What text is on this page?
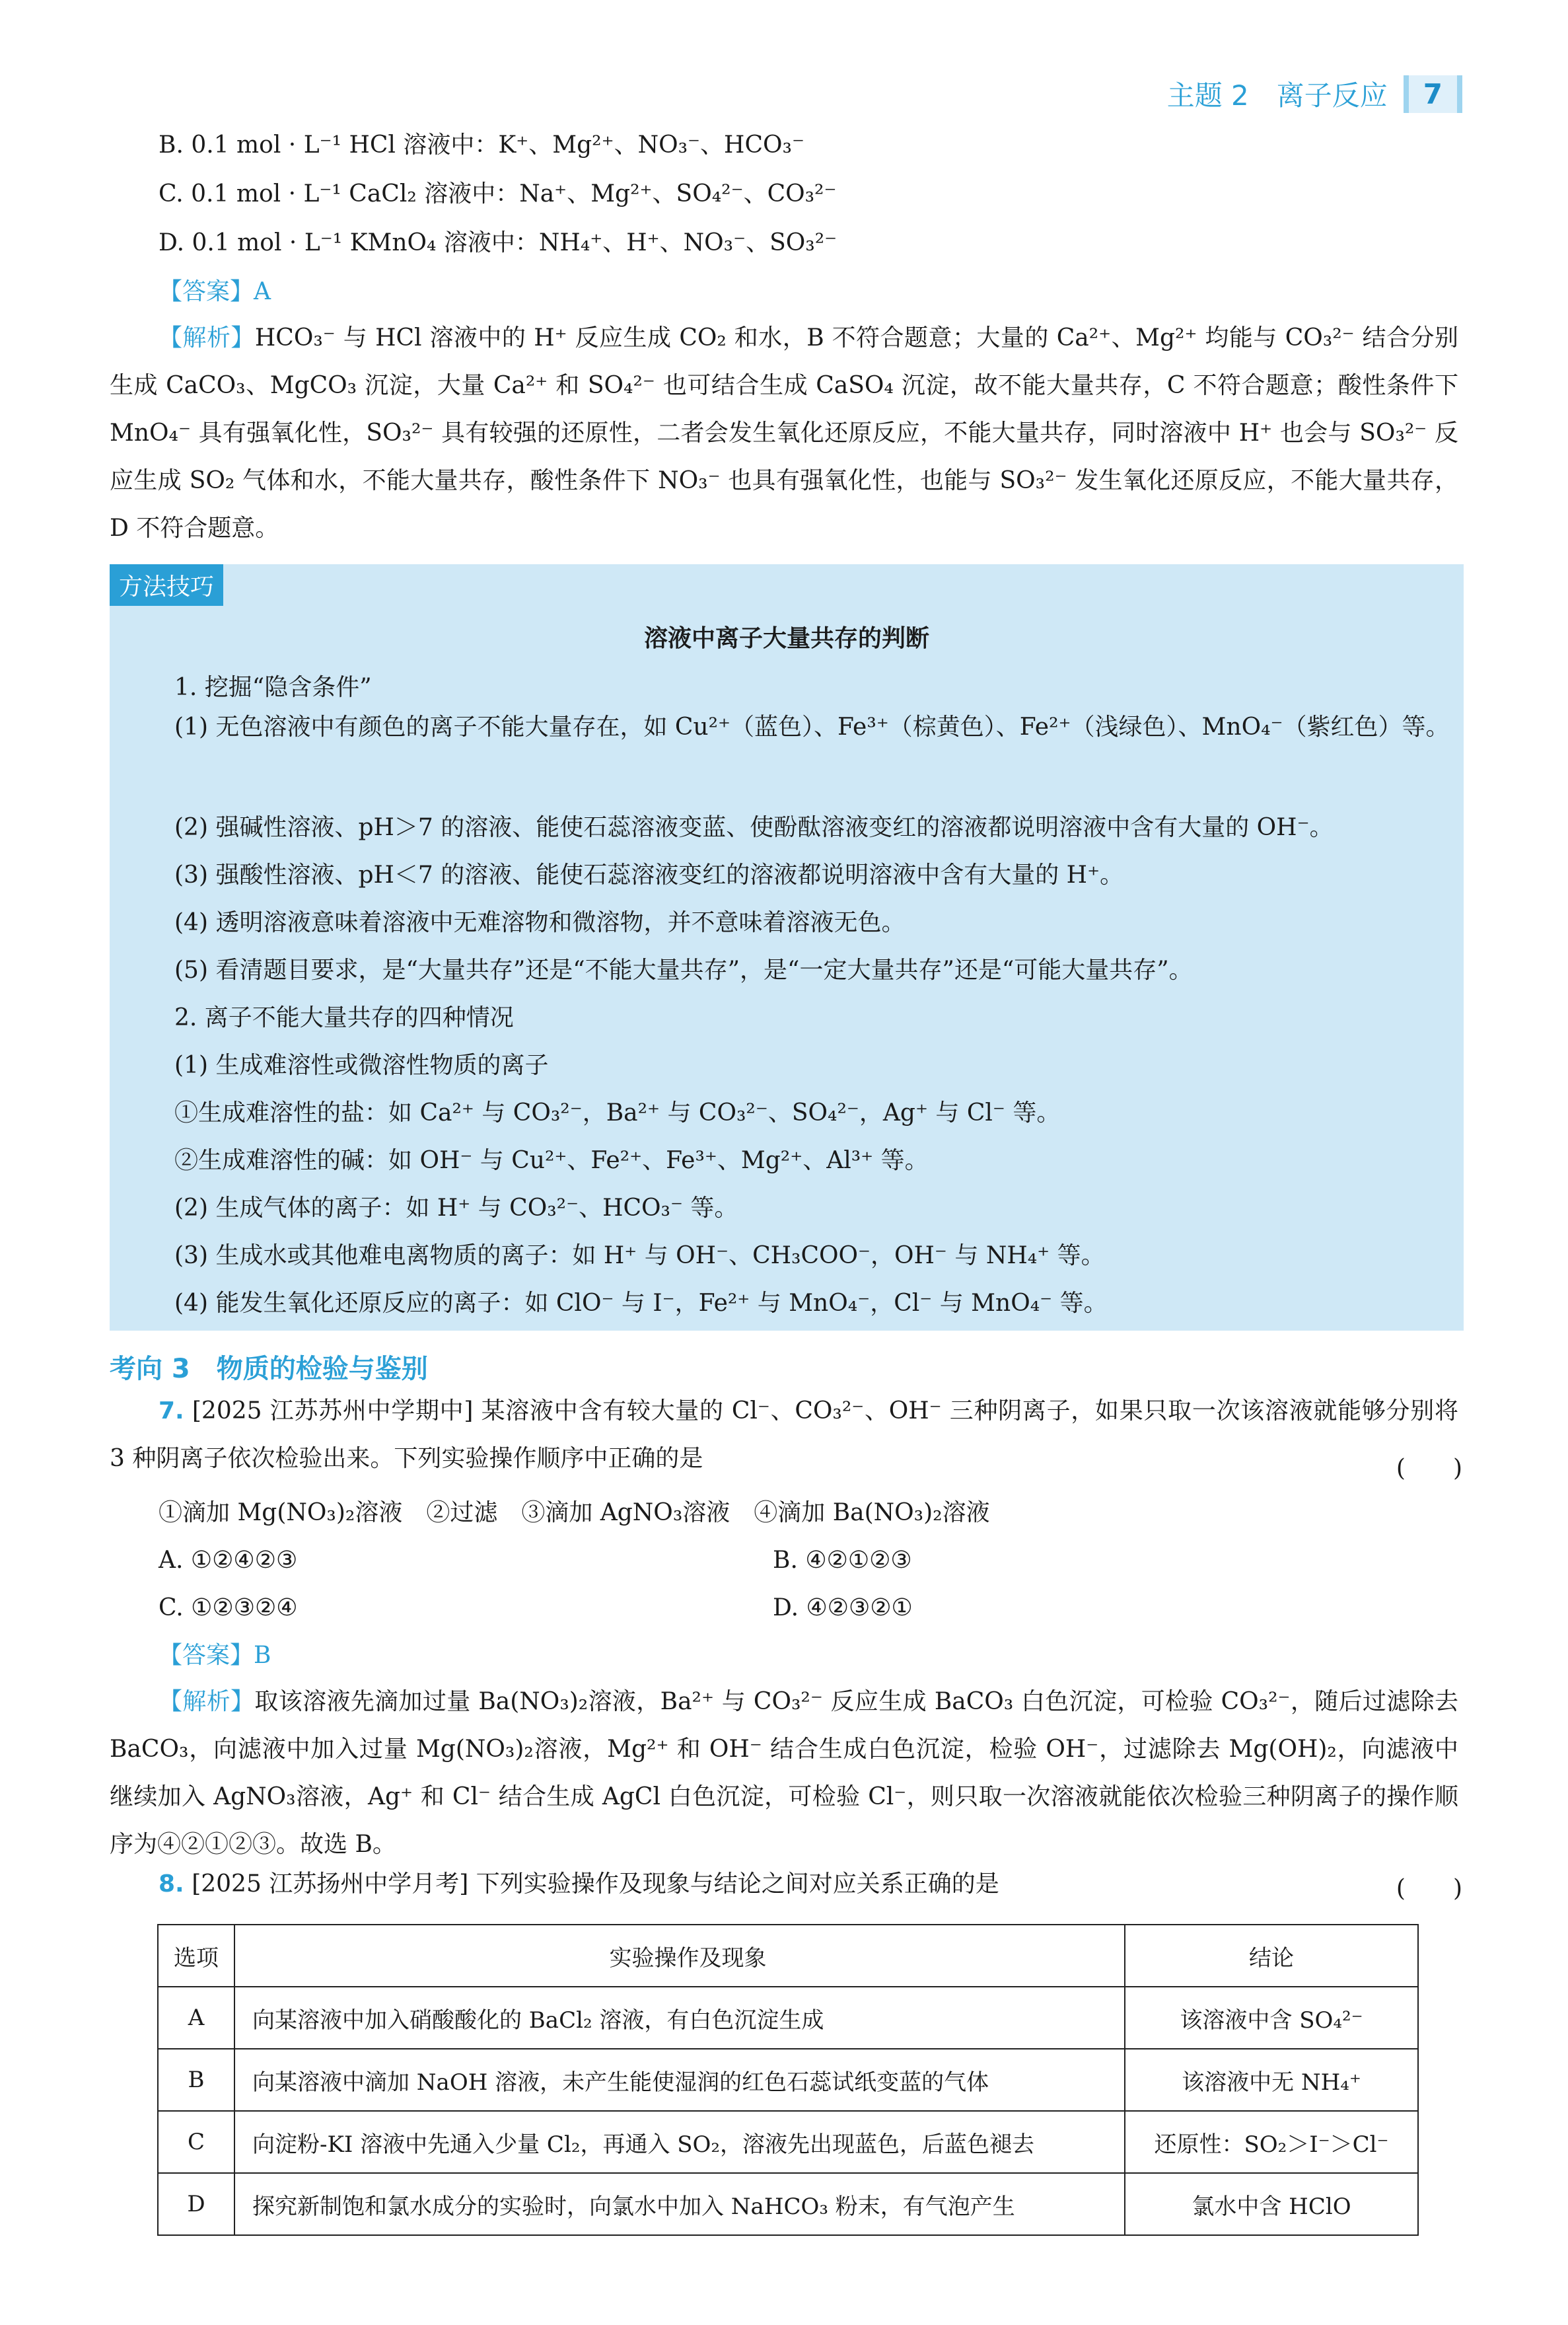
主题 2　离子反应	7
B. 0.1 mol · L⁻¹ HCl 溶液中：K⁺、Mg²⁺、NO₃⁻、HCO₃⁻
C. 0.1 mol · L⁻¹ CaCl₂ 溶液中：Na⁺、Mg²⁺、SO₄²⁻、CO₃²⁻
D. 0.1 mol · L⁻¹ KMnO₄ 溶液中：NH₄⁺、H⁺、NO₃⁻、SO₃²⁻
【答案】A
【解析】HCO₃⁻ 与 HCl 溶液中的 H⁺ 反应生成 CO₂ 和水，B 不符合题意；大量的 Ca²⁺、Mg²⁺ 均能与 CO₃²⁻ 结合分别生成 CaCO₃、MgCO₃ 沉淀，大量 Ca²⁺ 和 SO₄²⁻ 也可结合生成 CaSO₄ 沉淀，故不能大量共存，C 不符合题意；酸性条件下 MnO₄⁻ 具有强氧化性，SO₃²⁻ 具有较强的还原性，二者会发生氧化还原反应，不能大量共存，同时溶液中 H⁺ 也会与 SO₃²⁻ 反应生成 SO₂ 气体和水，不能大量共存，酸性条件下 NO₃⁻ 也具有强氧化性，也能与 SO₃²⁻ 发生氧化还原反应，不能大量共存，D 不符合题意。
方法技巧
溶液中离子大量共存的判断
1. 挖掘“隐含条件”
(1) 无色溶液中有颜色的离子不能大量存在，如 Cu²⁺（蓝色）、Fe³⁺（棕黄色）、Fe²⁺（浅绿色）、MnO₄⁻（紫红色）等。
(2) 强碱性溶液、pH＞7 的溶液、能使石蕊溶液变蓝、使酚酞溶液变红的溶液都说明溶液中含有大量的 OH⁻。
(3) 强酸性溶液、pH＜7 的溶液、能使石蕊溶液变红的溶液都说明溶液中含有大量的 H⁺。
(4) 透明溶液意味着溶液中无难溶物和微溶物，并不意味着溶液无色。
(5) 看清题目要求，是“大量共存”还是“不能大量共存”，是“一定大量共存”还是“可能大量共存”。
2. 离子不能大量共存的四种情况
(1) 生成难溶性或微溶性物质的离子
①生成难溶性的盐：如 Ca²⁺ 与 CO₃²⁻，Ba²⁺ 与 CO₃²⁻、SO₄²⁻，Ag⁺ 与 Cl⁻ 等。
②生成难溶性的碱：如 OH⁻ 与 Cu²⁺、Fe²⁺、Fe³⁺、Mg²⁺、Al³⁺ 等。
(2) 生成气体的离子：如 H⁺ 与 CO₃²⁻、HCO₃⁻ 等。
(3) 生成水或其他难电离物质的离子：如 H⁺ 与 OH⁻、CH₃COO⁻，OH⁻ 与 NH₄⁺ 等。
(4) 能发生氧化还原反应的离子：如 ClO⁻ 与 I⁻，Fe²⁺ 与 MnO₄⁻，Cl⁻ 与 MnO₄⁻ 等。
考向 3　物质的检验与鉴别
7. [2025 江苏苏州中学期中] 某溶液中含有较大量的 Cl⁻、CO₃²⁻、OH⁻ 三种阴离子，如果只取一次该溶液就能够分别将 3 种阴离子依次检验出来。下列实验操作顺序中正确的是	(　　)
①滴加 Mg(NO₃)₂溶液　②过滤　③滴加 AgNO₃溶液　④滴加 Ba(NO₃)₂溶液
A. ①②④②③	B. ④②①②③
C. ①②③②④	D. ④②③②①
【答案】B
【解析】取该溶液先滴加过量 Ba(NO₃)₂溶液，Ba²⁺ 与 CO₃²⁻ 反应生成 BaCO₃ 白色沉淀，可检验 CO₃²⁻，随后过滤除去 BaCO₃，向滤液中加入过量 Mg(NO₃)₂溶液，Mg²⁺ 和 OH⁻ 结合生成白色沉淀，检验 OH⁻，过滤除去 Mg(OH)₂，向滤液中继续加入 AgNO₃溶液，Ag⁺ 和 Cl⁻ 结合生成 AgCl 白色沉淀，可检验 Cl⁻，则只取一次溶液就能依次检验三种阴离子的操作顺序为④②①②③。故选 B。
8. [2025 江苏扬州中学月考] 下列实验操作及现象与结论之间对应关系正确的是	(　　)
选项	实验操作及现象	结论
A	向某溶液中加入硝酸酸化的 BaCl₂ 溶液，有白色沉淀生成	该溶液中含 SO₄²⁻
B	向某溶液中滴加 NaOH 溶液，未产生能使湿润的红色石蕊试纸变蓝的气体	该溶液中无 NH₄⁺
C	向淀粉-KI 溶液中先通入少量 Cl₂，再通入 SO₂，溶液先出现蓝色，后蓝色褪去	还原性：SO₂＞I⁻＞Cl⁻
D	探究新制饱和氯水成分的实验时，向氯水中加入 NaHCO₃ 粉末，有气泡产生	氯水中含 HClO
